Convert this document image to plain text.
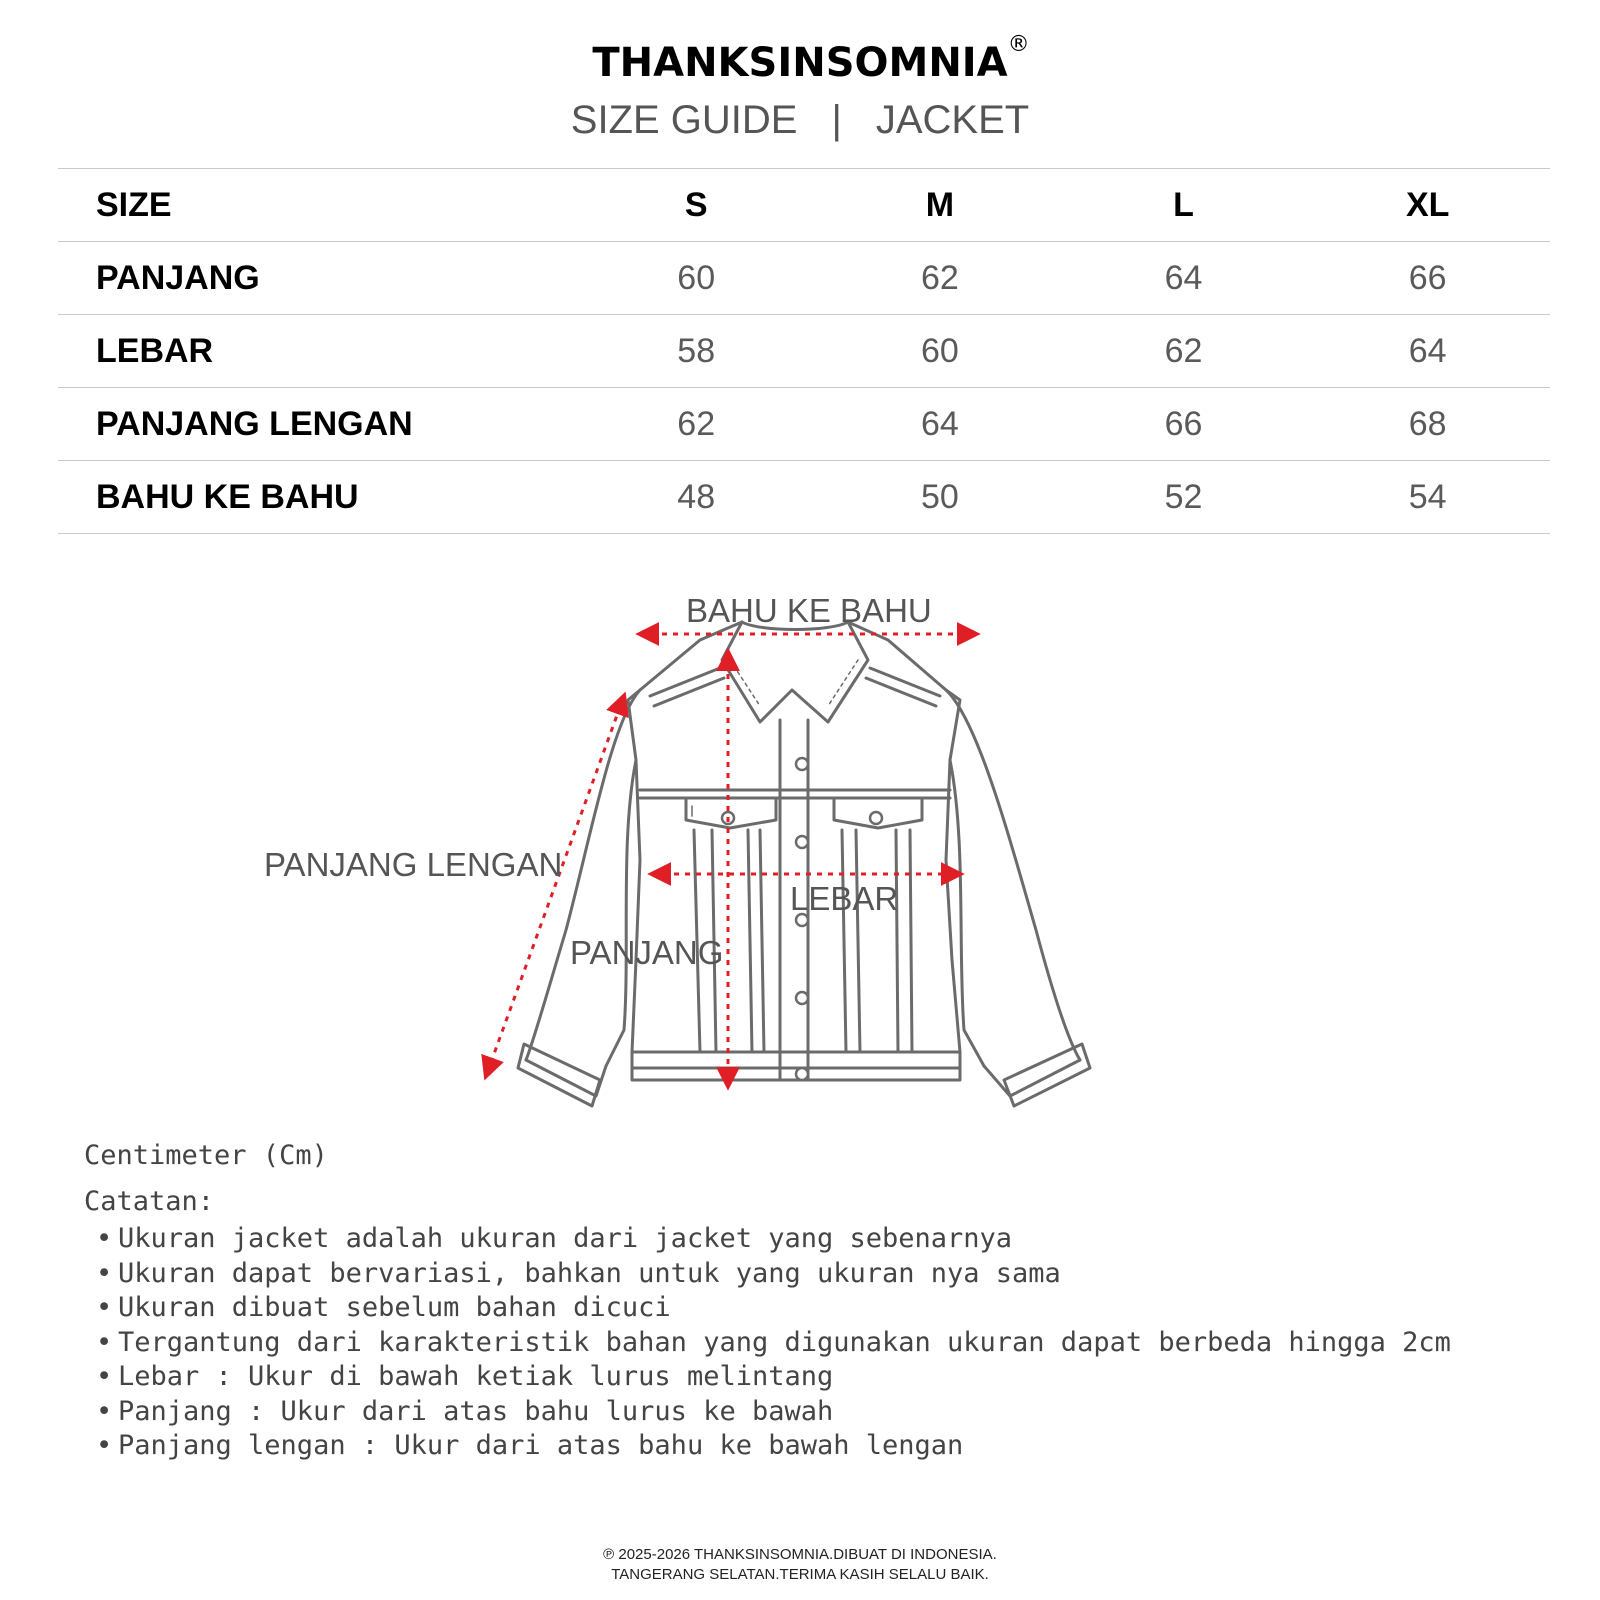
THANKSINSOMNIA ®
SIZE GUIDE | JACKET
SIZE	S	M	L	XL
PANJANG	60	62	64	66
LEBAR	58	60	62	64
PANJANG LENGAN	62	64	66	68
BAHU KE BAHU	48	50	52	54
BAHU KE BAHU
PANJANG LENGAN
LEBAR
PANJANG
Centimeter (Cm)
Catatan:
• Ukuran jacket adalah ukuran dari jacket yang sebenarnya
• Ukuran dapat bervariasi, bahkan untuk yang ukuran nya sama
• Ukuran dibuat sebelum bahan dicuci
• Tergantung dari karakteristik bahan yang digunakan ukuran dapat berbeda hingga 2cm
• Lebar : Ukur di bawah ketiak lurus melintang
• Panjang : Ukur dari atas bahu lurus ke bawah
• Panjang lengan : Ukur dari atas bahu ke bawah lengan
℗ 2025-2026 THANKSINSOMNIA.DIBUAT DI INDONESIA.
TANGERANG SELATAN.TERIMA KASIH SELALU BAIK.
